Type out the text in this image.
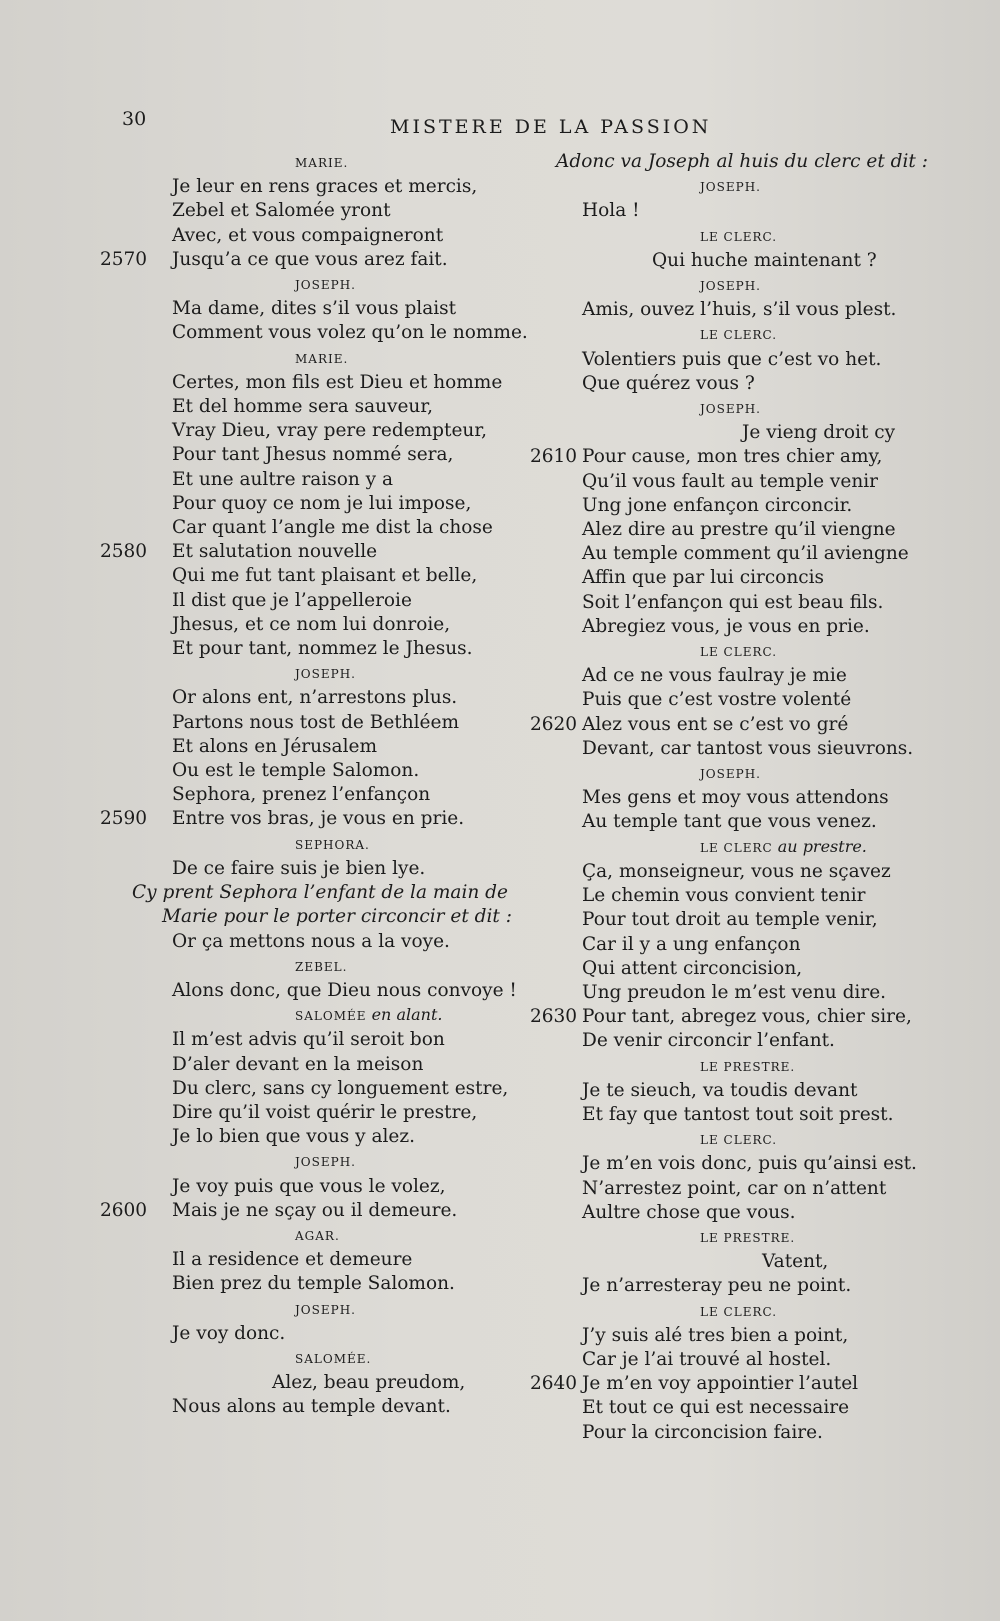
30	MISTERE DE LA PASSION
MARIE.
Je leur en rens graces et mercis,
Zebel et Salomée yront
Avec, et vous compaigneront
2570 Jusqu’a ce que vous arez fait.
JOSEPH.
Ma dame, dites s’il vous plaist
Comment vous volez qu’on le nomme.
MARIE.
Certes, mon fils est Dieu et homme
Et del homme sera sauveur,
Vray Dieu, vray pere redempteur,
Pour tant Jhesus nommé sera,
Et une aultre raison y a
Pour quoy ce nom je lui impose,
Car quant l’angle me dist la chose
2580 Et salutation nouvelle
Qui me fut tant plaisant et belle,
Il dist que je l’appelleroie
Jhesus, et ce nom lui donroie,
Et pour tant, nommez le Jhesus.
JOSEPH.
Or alons ent, n’arrestons plus.
Partons nous tost de Bethléem
Et alons en Jérusalem
Ou est le temple Salomon.
Sephora, prenez l’enfançon
2590 Entre vos bras, je vous en prie.
SEPHORA.
De ce faire suis je bien lye.
Cy prent Sephora l’enfant de la main de
Marie pour le porter circoncir et dit :
Or ça mettons nous a la voye.
ZEBEL.
Alons donc, que Dieu nous convoye !
SALOMÉE en alant.
Il m’est advis qu’il seroit bon
D’aler devant en la meison
Du clerc, sans cy longuement estre,
Dire qu’il voist quérir le prestre,
Je lo bien que vous y alez.
JOSEPH.
Je voy puis que vous le volez,
2600 Mais je ne sçay ou il demeure.
AGAR.
Il a residence et demeure
Bien prez du temple Salomon.
JOSEPH.
Je voy donc.
SALOMÉE.
Alez, beau preudom,
Nous alons au temple devant.
Adonc va Joseph al huis du clerc et dit :
JOSEPH.
Hola !
LE CLERC.
Qui huche maintenant ?
JOSEPH.
Amis, ouvez l’huis, s’il vous plest.
LE CLERC.
Volentiers puis que c’est vo het.
Que quérez vous ?
JOSEPH.
Je vieng droit cy
2610 Pour cause, mon tres chier amy,
Qu’il vous fault au temple venir
Ung jone enfançon circoncir.
Alez dire au prestre qu’il viengne
Au temple comment qu’il aviengne
Affin que par lui circoncis
Soit l’enfançon qui est beau fils.
Abregiez vous, je vous en prie.
LE CLERC.
Ad ce ne vous faulray je mie
Puis que c’est vostre volenté
2620 Alez vous ent se c’est vo gré
Devant, car tantost vous sieuvrons.
JOSEPH.
Mes gens et moy vous attendons
Au temple tant que vous venez.
LE CLERC au prestre.
Ça, monseigneur, vous ne sçavez
Le chemin vous convient tenir
Pour tout droit au temple venir,
Car il y a ung enfançon
Qui attent circoncision,
Ung preudon le m’est venu dire.
2630 Pour tant, abregez vous, chier sire,
De venir circoncir l’enfant.
LE PRESTRE.
Je te sieuch, va toudis devant
Et fay que tantost tout soit prest.
LE CLERC.
Je m’en vois donc, puis qu’ainsi est.
N’arrestez point, car on n’attent
Aultre chose que vous.
LE PRESTRE.
Vatent,
Je n’arresteray peu ne point.
LE CLERC.
J’y suis alé tres bien a point,
Car je l’ai trouvé al hostel.
2640 Je m’en voy appointier l’autel
Et tout ce qui est necessaire
Pour la circoncision faire.
